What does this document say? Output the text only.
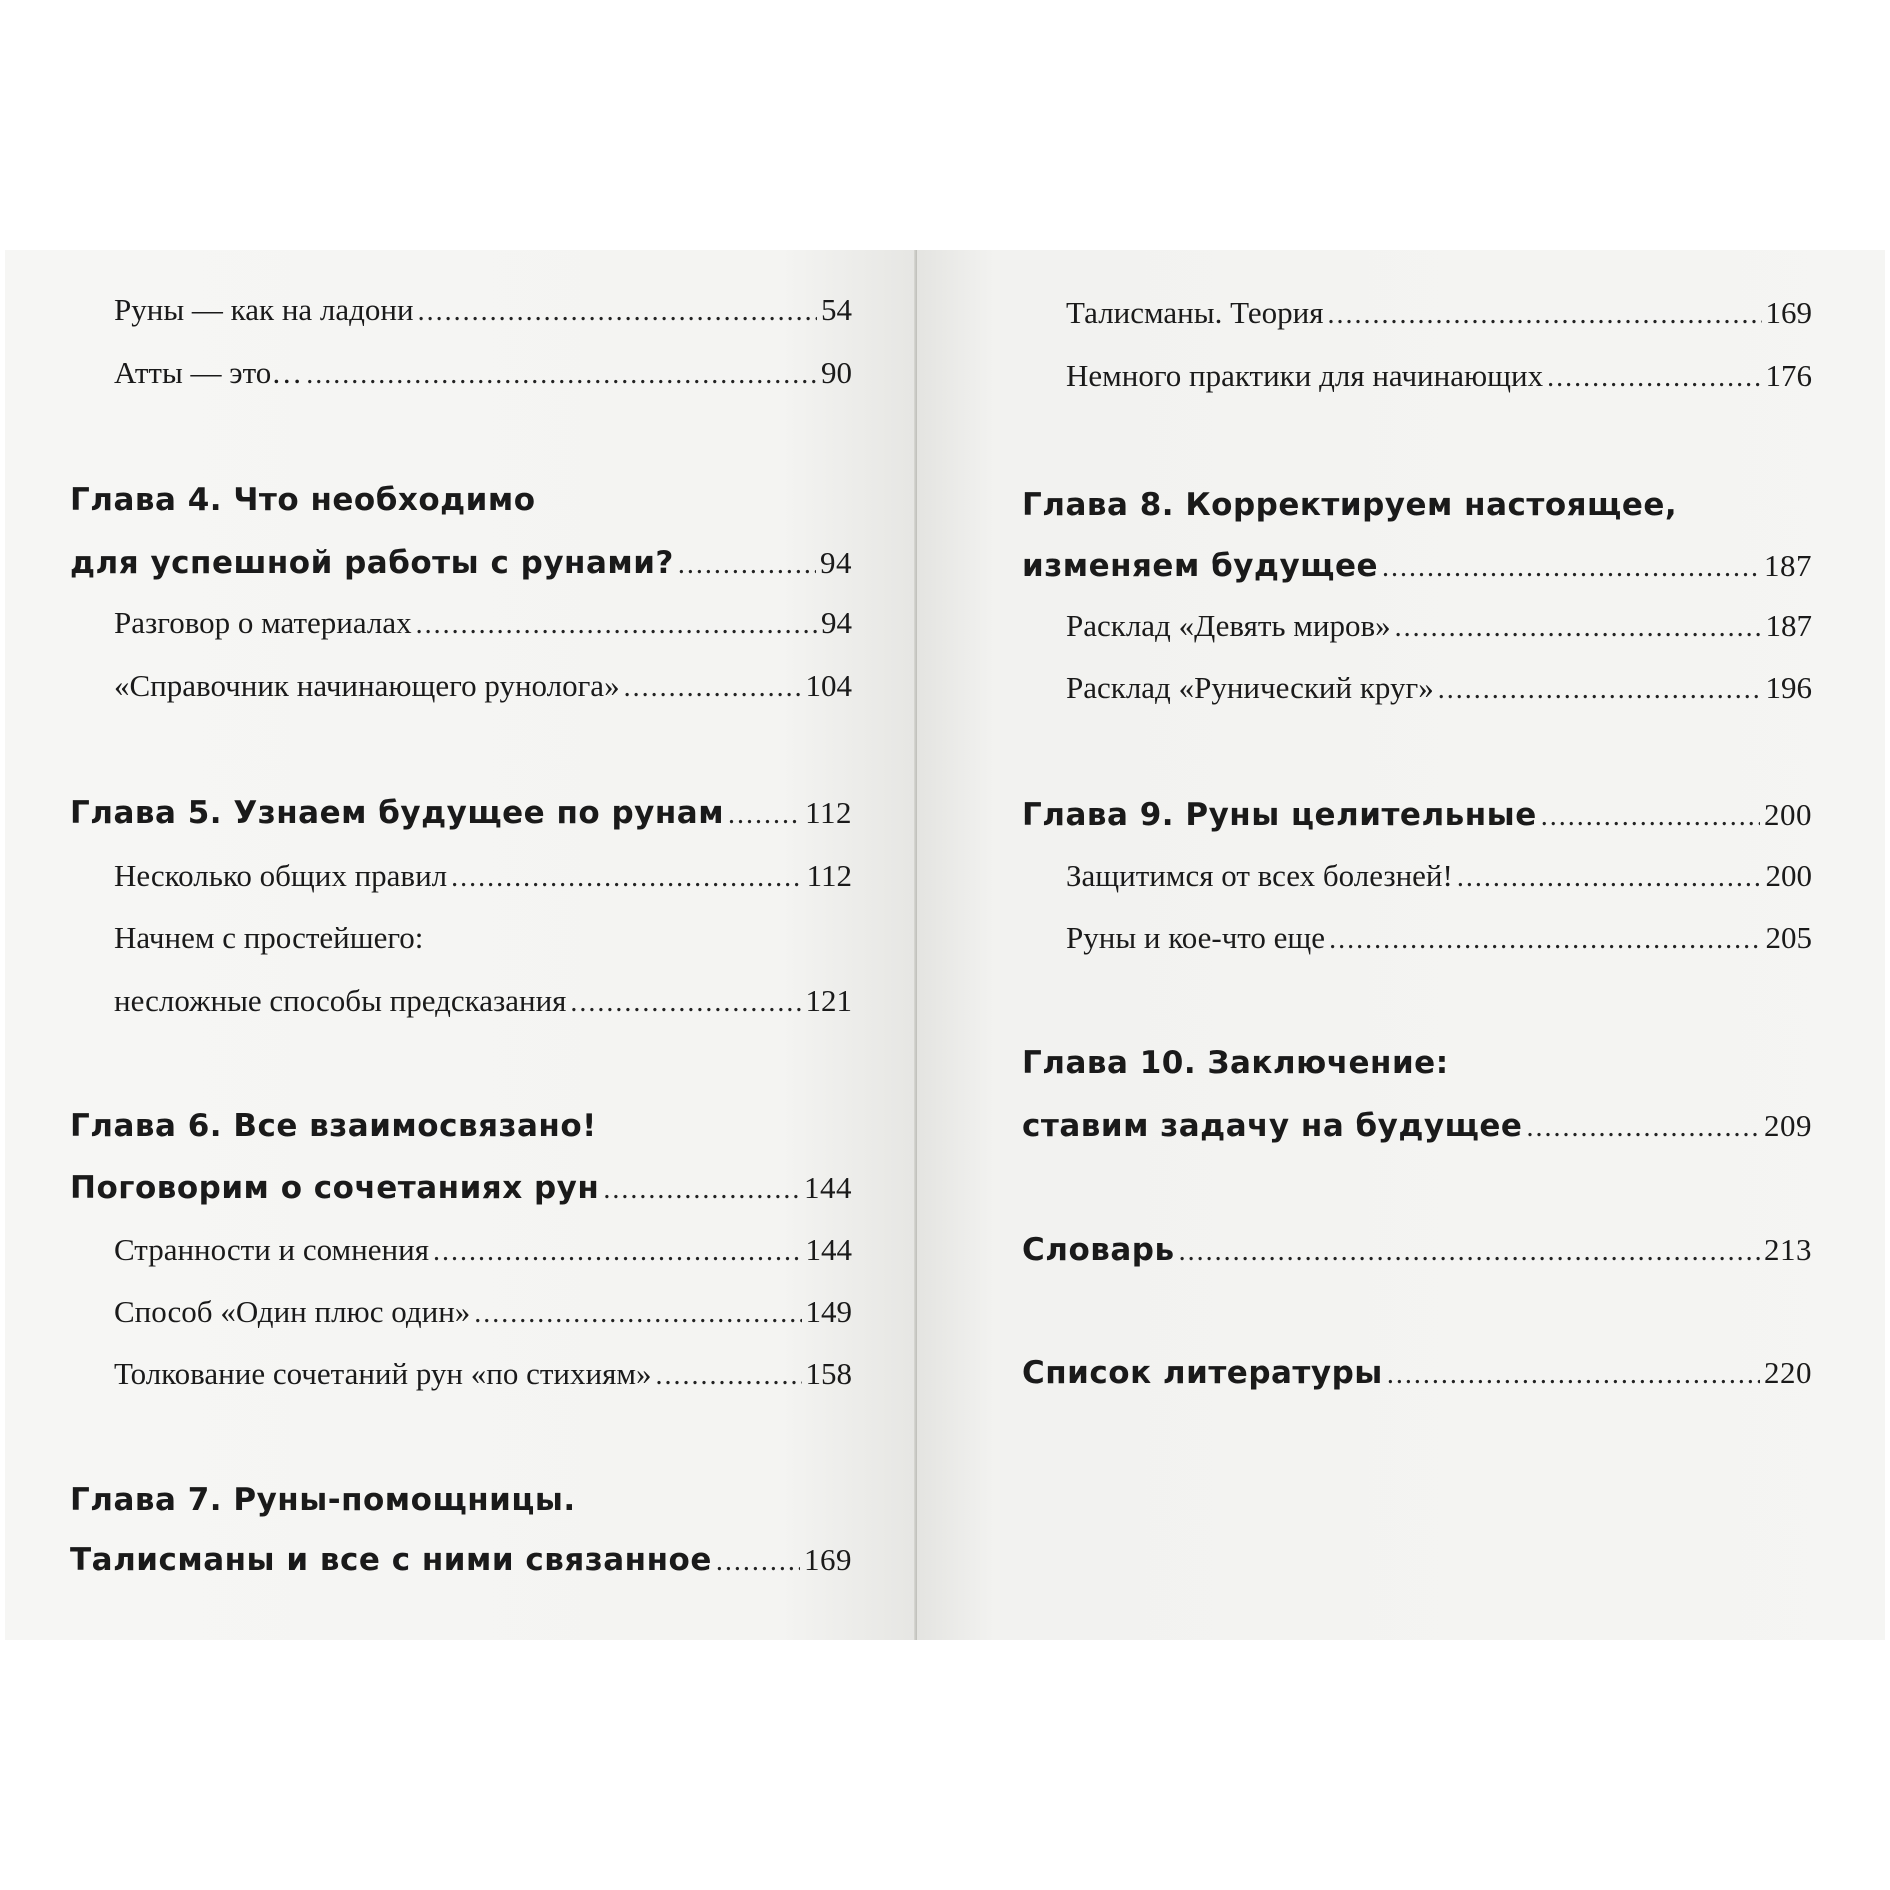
Руны — как на ладони .....	54
Атты — это… .....	90
Глава 4. Что необходимо
для успешной работы с рунами? .....	94
Разговор о материалах .....	94
«Справочник начинающего рунолога» .....	104
Глава 5. Узнаем будущее по рунам .....	112
Несколько общих правил .....	112
Начнем с простейшего:
несложные способы предсказания .....	121
Глава 6. Все взаимосвязано!
Поговорим о сочетаниях рун .....	144
Странности и сомнения .....	144
Способ «Один плюс один» .....	149
Толкование сочетаний рун «по стихиям» .....	158
Глава 7. Руны-помощницы.
Талисманы и все с ними связанное .....	169
Талисманы. Теория .....	169
Немного практики для начинающих .....	176
Глава 8. Корректируем настоящее,
изменяем будущее .....	187
Расклад «Девять миров» .....	187
Расклад «Рунический круг» .....	196
Глава 9. Руны целительные .....	200
Защитимся от всех болезней! .....	200
Руны и кое-что еще .....	205
Глава 10. Заключение:
ставим задачу на будущее .....	209
Словарь .....	213
Список литературы .....	220
